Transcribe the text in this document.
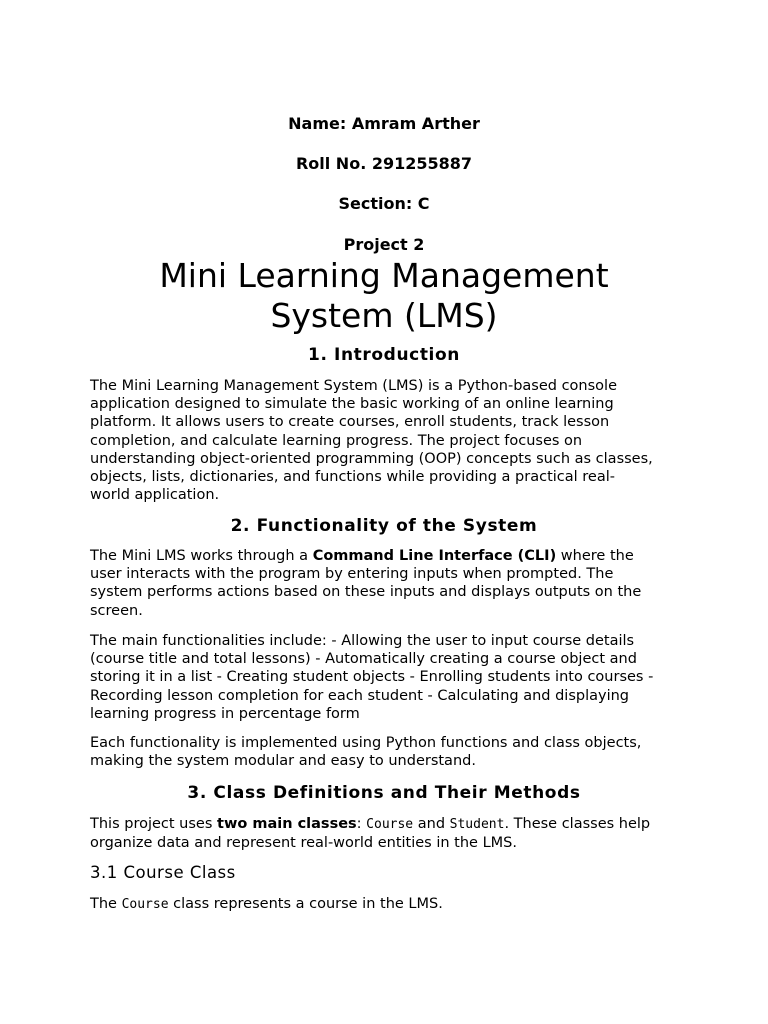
Name: Amram Arther
Roll No. 291255887
Section: C
Project 2
Mini Learning Management
System (LMS)
1. Introduction
The Mini Learning Management System (LMS) is a Python-based console
application designed to simulate the basic working of an online learning
platform. It allows users to create courses, enroll students, track lesson
completion, and calculate learning progress. The project focuses on
understanding object-oriented programming (OOP) concepts such as classes,
objects, lists, dictionaries, and functions while providing a practical real-
world application.
2. Functionality of the System
The Mini LMS works through a Command Line Interface (CLI) where the
user interacts with the program by entering inputs when prompted. The
system performs actions based on these inputs and displays outputs on the
screen.
The main functionalities include: - Allowing the user to input course details
(course title and total lessons) - Automatically creating a course object and
storing it in a list - Creating student objects - Enrolling students into courses -
Recording lesson completion for each student - Calculating and displaying
learning progress in percentage form
Each functionality is implemented using Python functions and class objects,
making the system modular and easy to understand.
3. Class Definitions and Their Methods
This project uses two main classes: Course and Student. These classes help
organize data and represent real-world entities in the LMS.
3.1 Course Class
The Course class represents a course in the LMS.
